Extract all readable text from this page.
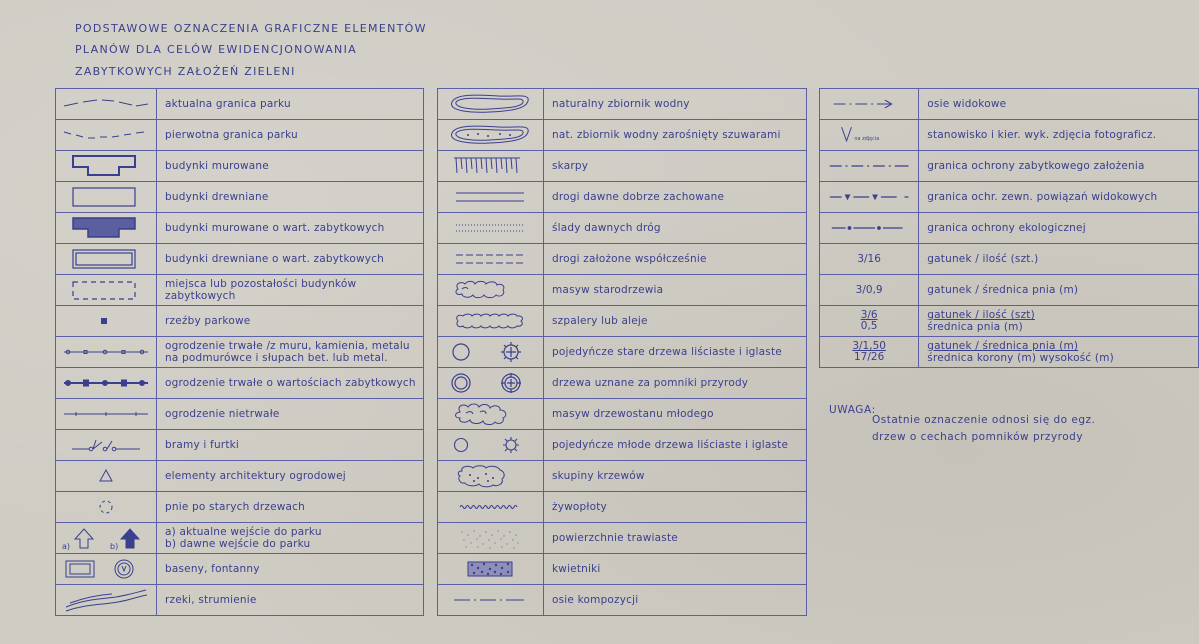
PODSTAWOWE OZNACZENIA GRAFICZNE ELEMENTÓW
PLANÓW DLA CELÓW EWIDENCJONOWANIA
ZABYTKOWYCH ZAŁOŻEŃ ZIELENI
	aktualna granica parku

	pierwotna granica parku

	budynki murowane

	budynki drewniane

	budynki murowane o wart. zabytkowych

	budynki drewniane o wart. zabytkowych

	miejsca lub pozostałości budynków zabytkowych

	rzeźby parkowe

	ogrodzenie trwałe /z muru, kamienia, metalu na podmurówce i słupach bet. lub metal.

	ogrodzenie trwałe o wartościach zabytkowych

	ogrodzenie nietrwałe

	bramy i furtki

	elementy architektury ogrodowej

	pnie po starych drzewach

a) b)	a) aktualne wejście do parku
b) dawne wejście do parku

	baseny, fontanny

	rzeki, strumienie
	naturalny zbiornik wodny

	nat. zbiornik wodny zarośnięty szuwarami

	skarpy

	drogi dawne dobrze zachowane

	ślady dawnych dróg

	drogi założone współcześnie

	masyw starodrzewia

	szpalery lub aleje

	pojedyńcze stare drzewa liściaste i iglaste

	drzewa uznane za pomniki przyrody

	masyw drzewostanu młodego

	pojedyńcze młode drzewa liściaste i iglaste

	skupiny krzewów

	żywopłoty

	powierzchnie trawiaste

	kwietniki

	osie kompozycji
	osie widokowe

na zdjęcia	stanowisko i kier. wyk. zdjęcia fotograficz.

	granica ochrony zabytkowego założenia

	granica ochr. zewn. powiązań widokowych

	granica ochrony ekologicznej

3/16	gatunek / ilość (szt.)

3/0,9	gatunek / średnica pnia (m)

3/6
0,5	gatunek / ilość (szt)
średnica pnia (m)

3/1,50
17/26	gatunek / średnica pnia (m)
średnica korony (m) wysokość (m)
UWAGA:
Ostatnie oznaczenie odnosi się do egz.
drzew o cechach pomników przyrody
